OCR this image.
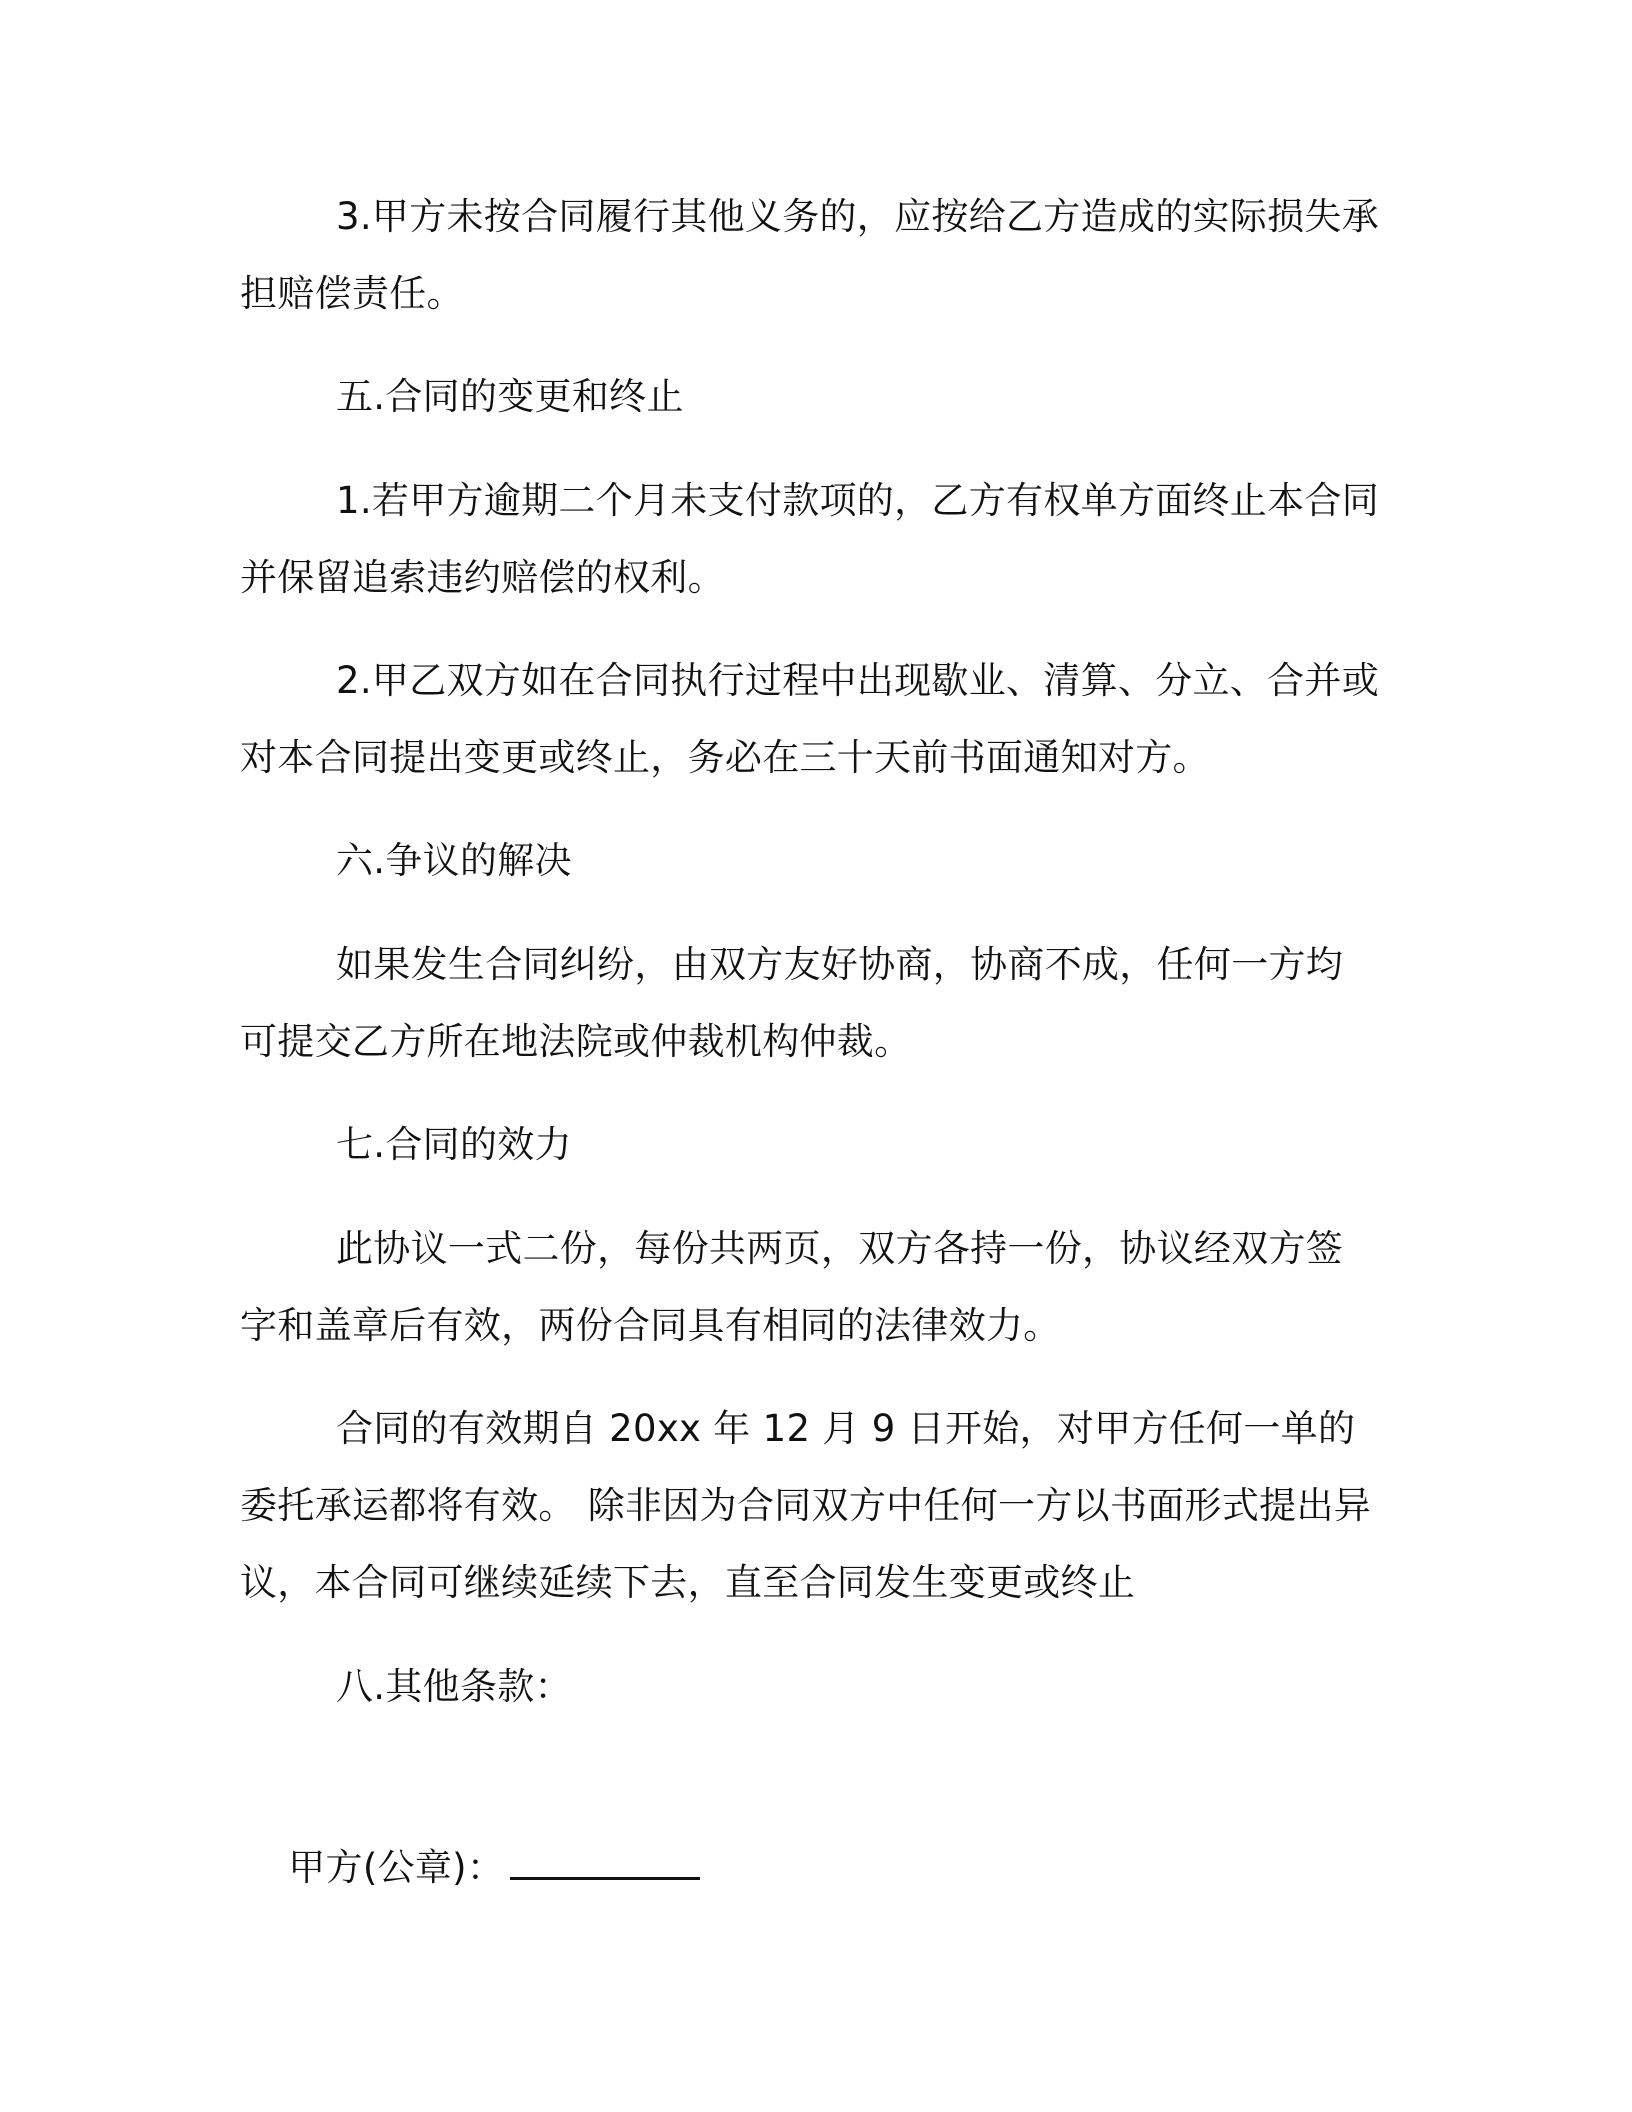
3.甲方未按合同履行其他义务的，应按给乙方造成的实际损失承担赔偿责任。
五.合同的变更和终止
1.若甲方逾期二个月未支付款项的，乙方有权单方面终止本合同并保留追索违约赔偿的权利。
2.甲乙双方如在合同执行过程中出现歇业、清算、分立、合并或对本合同提出变更或终止，务必在三十天前书面通知对方。
六.争议的解决
如果发生合同纠纷，由双方友好协商，协商不成，任何一方均可提交乙方所在地法院或仲裁机构仲裁。
七.合同的效力
此协议一式二份，每份共两页，双方各持一份，协议经双方签字和盖章后有效，两份合同具有相同的法律效力。
合同的有效期自 20xx 年 12 月 9 日开始，对甲方任何一单的委托承运都将有效。 除非因为合同双方中任何一方以书面形式提出异议，本合同可继续延续下去，直至合同发生变更或终止
八.其他条款：

甲方(公章)：
